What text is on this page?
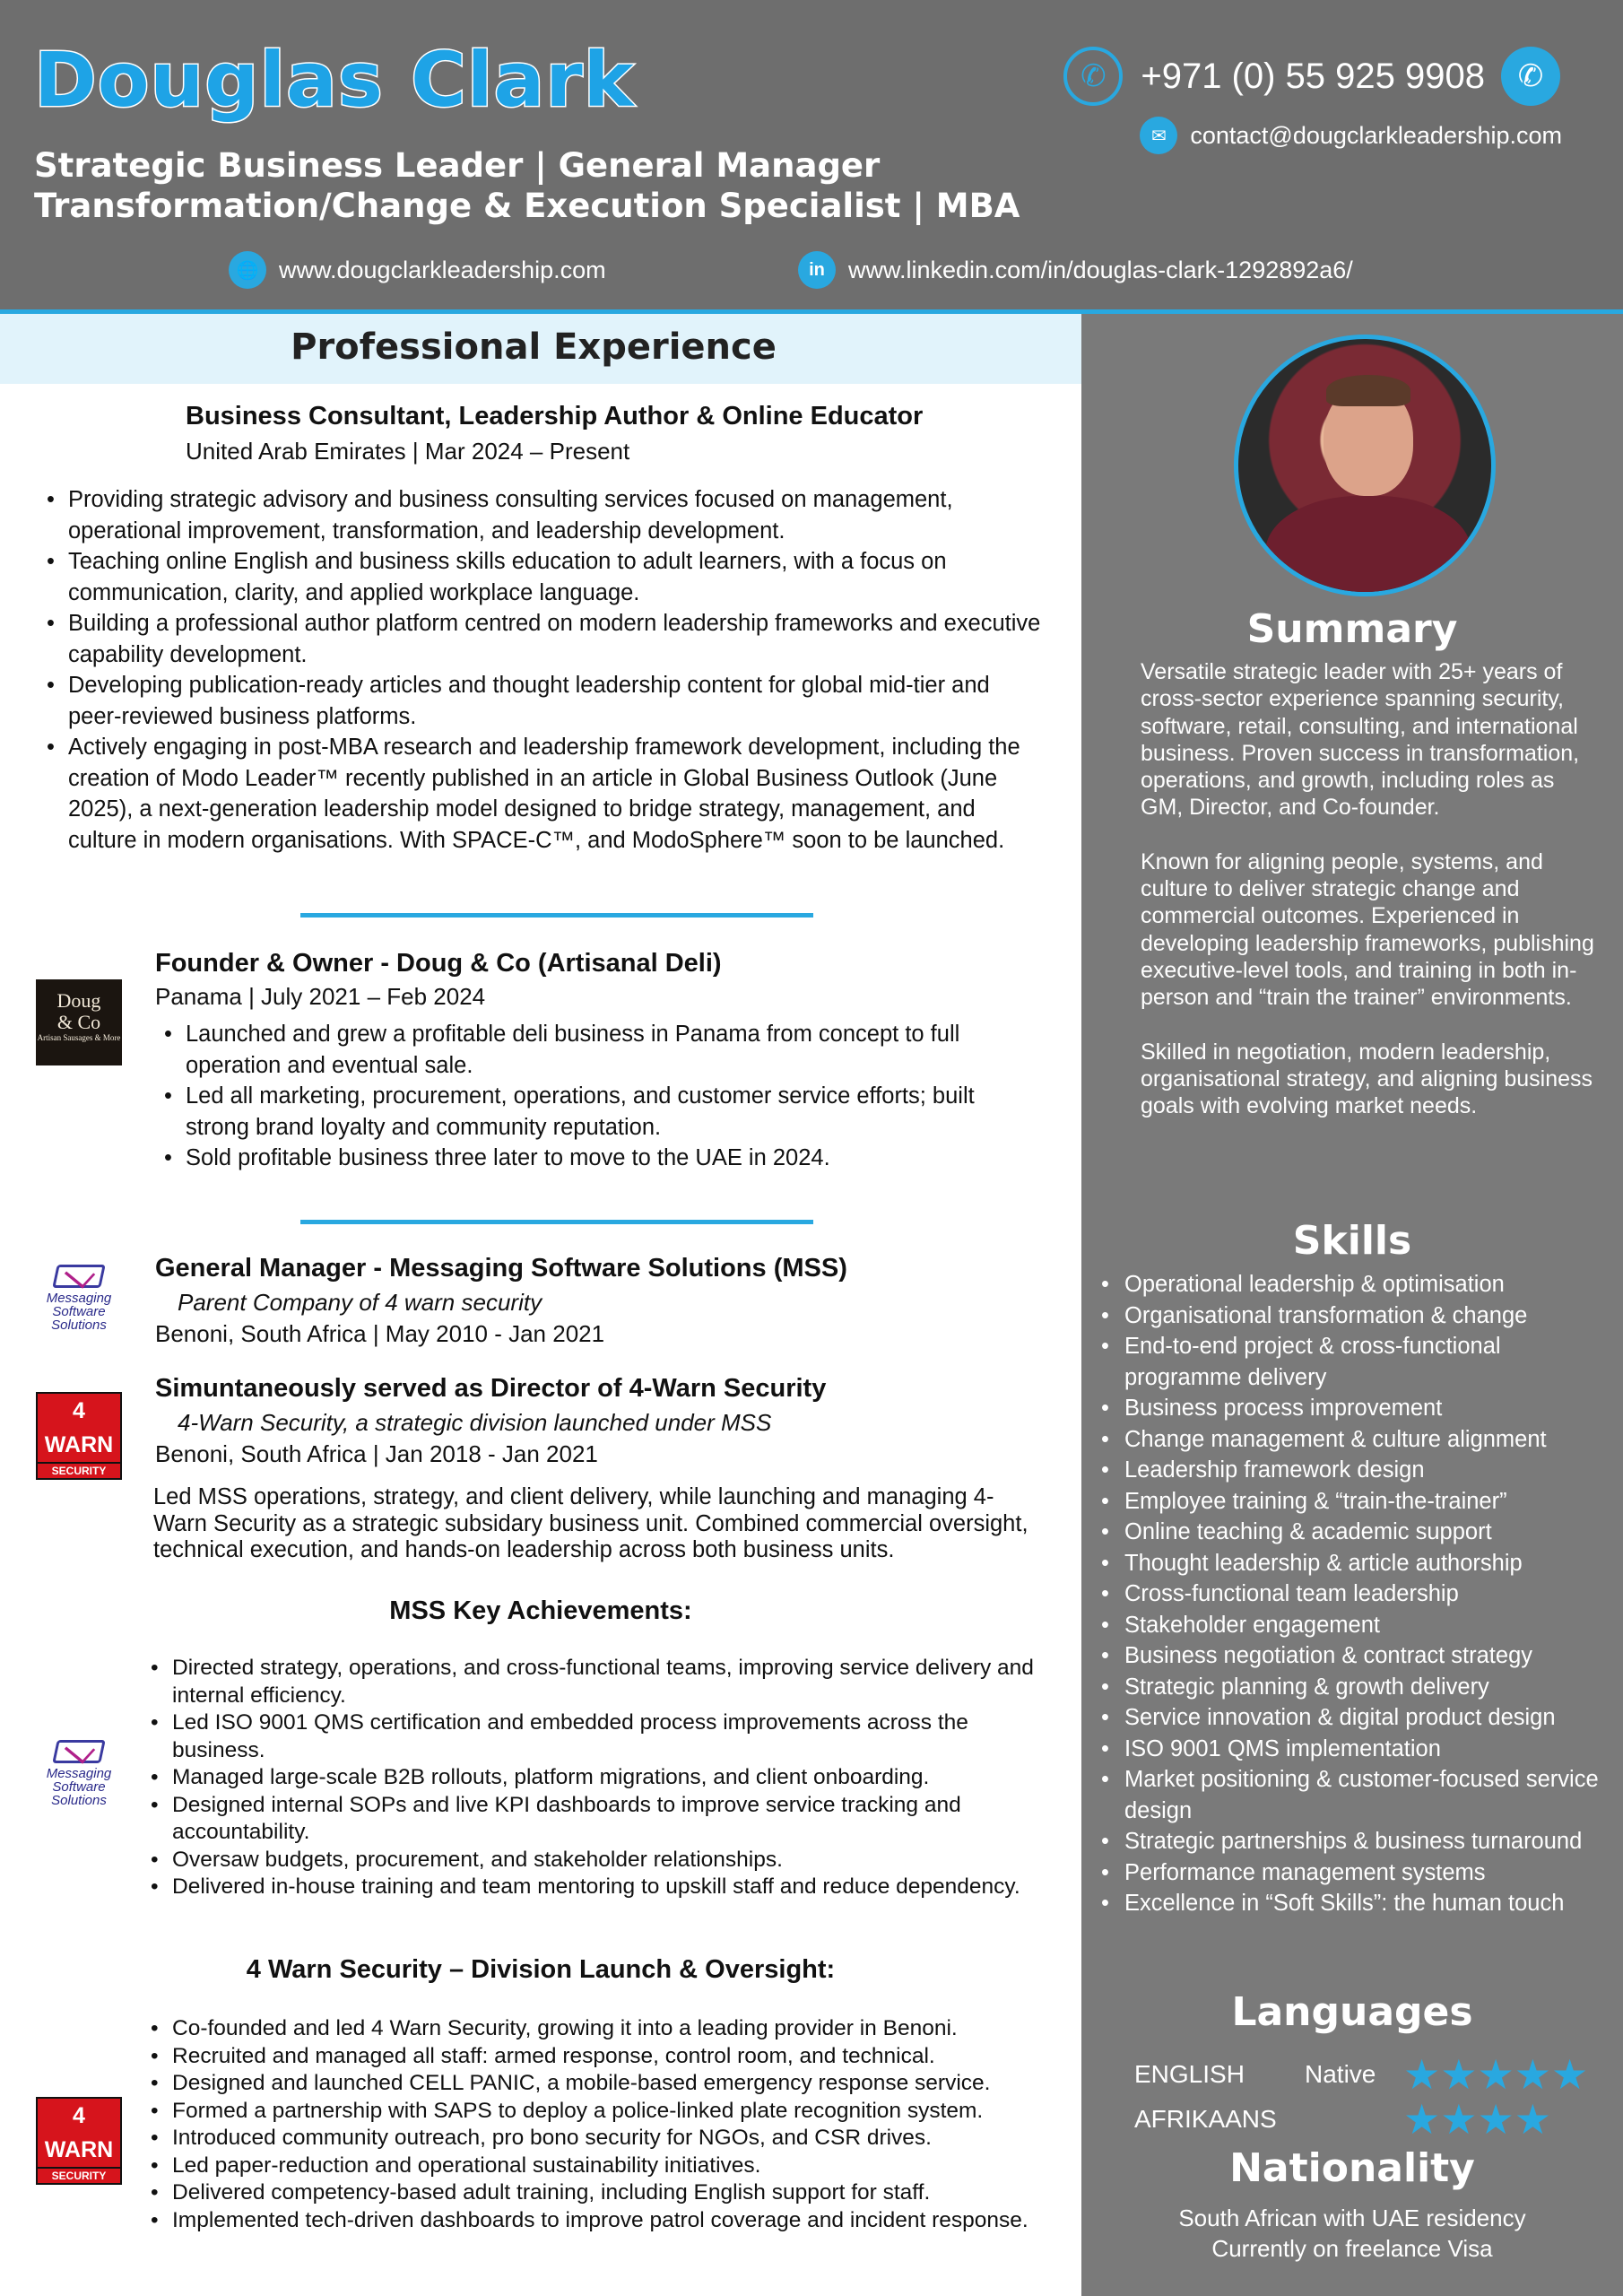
Douglas Clark
Strategic Business Leader | General Manager
Transformation/Change & Execution Specialist | MBA
✆ +971 (0) 55 925 9908	✆
✉ contact@dougclarkleadership.com
🌐 www.dougclarkleadership.com	in www.linkedin.com/in/douglas-clark-1292892a6/
Professional Experience
Business Consultant, Leadership Author & Online Educator
United Arab Emirates | Mar 2024 – Present
• Providing strategic advisory and business consulting services focused on management, operational improvement, transformation, and leadership development.
• Teaching online English and business skills education to adult learners, with a focus on communication, clarity, and applied workplace language.
• Building a professional author platform centred on modern leadership frameworks and executive capability development.
• Developing publication-ready articles and thought leadership content for global mid-tier and peer-reviewed business platforms.
• Actively engaging in post-MBA research and leadership framework development, including the creation of Modo Leader™ recently published in an article in Global Business Outlook (June 2025), a next-generation leadership model designed to bridge strategy, management, and culture in modern organisations. With SPACE-C™, and ModoSphere™ soon to be launched.
Doug
& Co
Artisan Sausages & More
Founder & Owner - Doug & Co (Artisanal Deli)
Panama | July 2021 – Feb 2024
• Launched and grew a profitable deli business in Panama from concept to full operation and eventual sale.
• Led all marketing, procurement, operations, and customer service efforts; built strong brand loyalty and community reputation.
• Sold profitable business three later to move to the UAE in 2024.
Messaging
Software
Solutions
General Manager - Messaging Software Solutions (MSS)
Parent Company of 4 warn security
Benoni, South Africa | May 2010 - Jan 2021
4 WARN
SECURITY
Simuntaneously served as Director of 4-Warn Security
4-Warn Security, a strategic division launched under MSS
Benoni, South Africa | Jan 2018 - Jan 2021
Led MSS operations, strategy, and client delivery, while launching and managing 4-Warn Security as a strategic subsidary business unit. Combined commercial oversight, technical execution, and hands-on leadership across both business units.
MSS Key Achievements:
Messaging
Software
Solutions
• Directed strategy, operations, and cross-functional teams, improving service delivery and internal efficiency.
• Led ISO 9001 QMS certification and embedded process improvements across the business.
• Managed large-scale B2B rollouts, platform migrations, and client onboarding.
• Designed internal SOPs and live KPI dashboards to improve service tracking and accountability.
• Oversaw budgets, procurement, and stakeholder relationships.
• Delivered in-house training and team mentoring to upskill staff and reduce dependency.
4 Warn Security – Division Launch & Oversight:
4 WARN
SECURITY
• Co-founded and led 4 Warn Security, growing it into a leading provider in Benoni.
• Recruited and managed all staff: armed response, control room, and technical.
• Designed and launched CELL PANIC, a mobile-based emergency response service.
• Formed a partnership with SAPS to deploy a police-linked plate recognition system.
• Introduced community outreach, pro bono security for NGOs, and CSR drives.
• Led paper-reduction and operational sustainability initiatives.
• Delivered competency-based adult training, including English support for staff.
• Implemented tech-driven dashboards to improve patrol coverage and incident response.
Summary

Versatile strategic leader with 25+ years of cross-sector experience spanning security, software, retail, consulting, and international business. Proven success in transformation, operations, and growth, including roles as GM, Director, and Co-founder.

Known for aligning people, systems, and culture to deliver strategic change and commercial outcomes. Experienced in developing leadership frameworks, publishing executive-level tools, and training in both in-person and “train the trainer” environments.

Skilled in negotiation, modern leadership, organisational strategy, and aligning business goals with evolving market needs.

Skills
• Operational leadership & optimisation
• Organisational transformation & change
• End-to-end project & cross-functional programme delivery
• Business process improvement
• Change management & culture alignment
• Leadership framework design
• Employee training & “train-the-trainer”
• Online teaching & academic support
• Thought leadership & article authorship
• Cross-functional team leadership
• Stakeholder engagement
• Business negotiation & contract strategy
• Strategic planning & growth delivery
• Service innovation & digital product design
• ISO 9001 QMS implementation
• Market positioning & customer-focused service design
• Strategic partnerships & business turnaround
• Performance management systems
• Excellence in “Soft Skills”: the human touch
Languages
ENGLISH	Native ★★★★★
AFRIKAANS	★★★★
Nationality
South African with UAE residency
Currently on freelance Visa
